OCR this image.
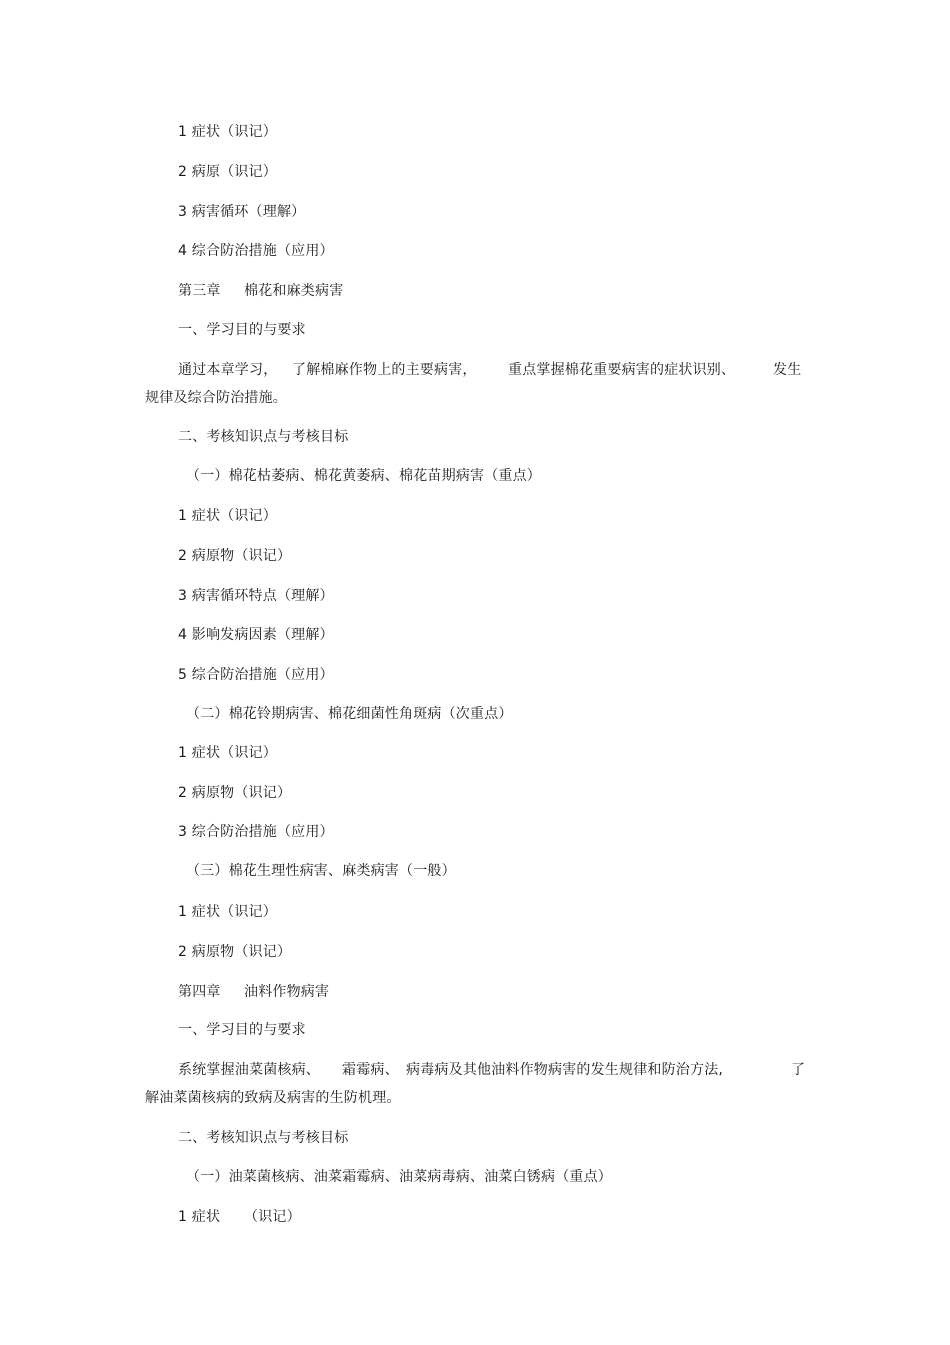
1 症状（识记）
2 病原（识记）
3 病害循环（理解）
4 综合防治措施（应用）
第三章 棉花和麻类病害
一、学习目的与要求
通过本章学习， 了解棉麻作物上的主要病害， 重点掌握棉花重要病害的症状识别、	发生
规律及综合防治措施。
二、考核知识点与考核目标
（一）棉花枯萎病、棉花黄萎病、棉花苗期病害（重点）
1 症状（识记）
2 病原物（识记）
3 病害循环特点（理解）
4 影响发病因素（理解）
5 综合防治措施（应用）
（二）棉花铃期病害、棉花细菌性角斑病（次重点）
1 症状（识记）
2 病原物（识记）
3 综合防治措施（应用）
（三）棉花生理性病害、麻类病害（一般）
1 症状（识记）
2 病原物（识记）
第四章 油料作物病害
一、学习目的与要求
系统掌握油菜菌核病、 霜霉病、 病毒病及其他油料作物病害的发生规律和防治方法,	了
解油菜菌核病的致病及病害的生防机理。
二、考核知识点与考核目标
（一）油菜菌核病、油菜霜霉病、油菜病毒病、油菜白锈病（重点）
1 症状 （识记）
